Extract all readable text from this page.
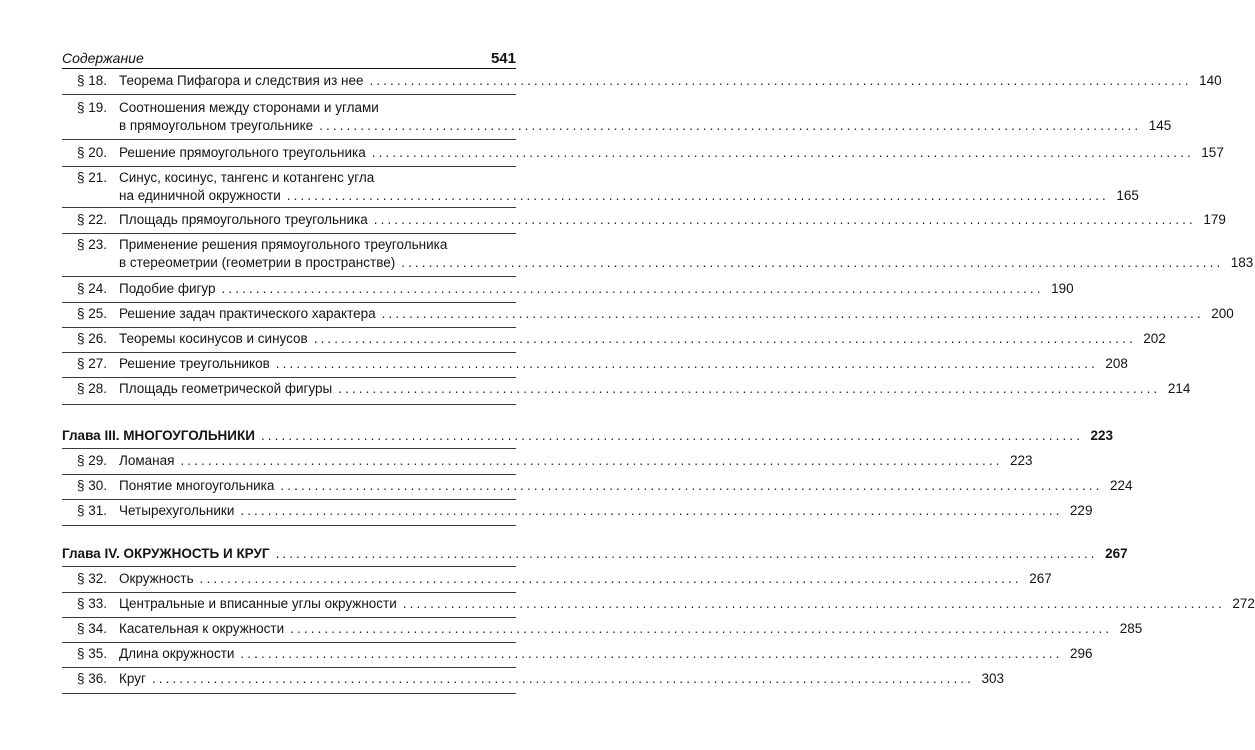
Содержание	541
§ 18. Теорема Пифагора и следствия из нее ........................................................................................................................ 140
§ 19. Соотношения между сторонами и углами
в прямоугольном треугольнике ........................................................................................................................ 145
§ 20. Решение прямоугольного треугольника ........................................................................................................................ 157
§ 21. Синус, косинус, тангенс и котангенс угла
на единичной окружности ........................................................................................................................ 165
§ 22. Площадь прямоугольного треугольника ........................................................................................................................ 179
§ 23. Применение решения прямоугольного треугольника
в стереометрии (геометрии в пространстве) ........................................................................................................................ 183
§ 24. Подобие фигур ........................................................................................................................ 190
§ 25. Решение задач практического характера ........................................................................................................................ 200
§ 26. Теоремы косинусов и синусов ........................................................................................................................ 202
§ 27. Решение треугольников ........................................................................................................................ 208
§ 28. Площадь геометрической фигуры ........................................................................................................................ 214
Глава III. МНОГОУГОЛЬНИКИ ........................................................................................................................ 223
§ 29. Ломаная ........................................................................................................................ 223
§ 30. Понятие многоугольника ........................................................................................................................ 224
§ 31. Четырехугольники ........................................................................................................................ 229
Глава IV. ОКРУЖНОСТЬ И КРУГ ........................................................................................................................ 267
§ 32. Окружность ........................................................................................................................ 267
§ 33. Центральные и вписанные углы окружности ........................................................................................................................ 272
§ 34. Касательная к окружности ........................................................................................................................ 285
§ 35. Длина окружности ........................................................................................................................ 296
§ 36. Круг ........................................................................................................................ 303
